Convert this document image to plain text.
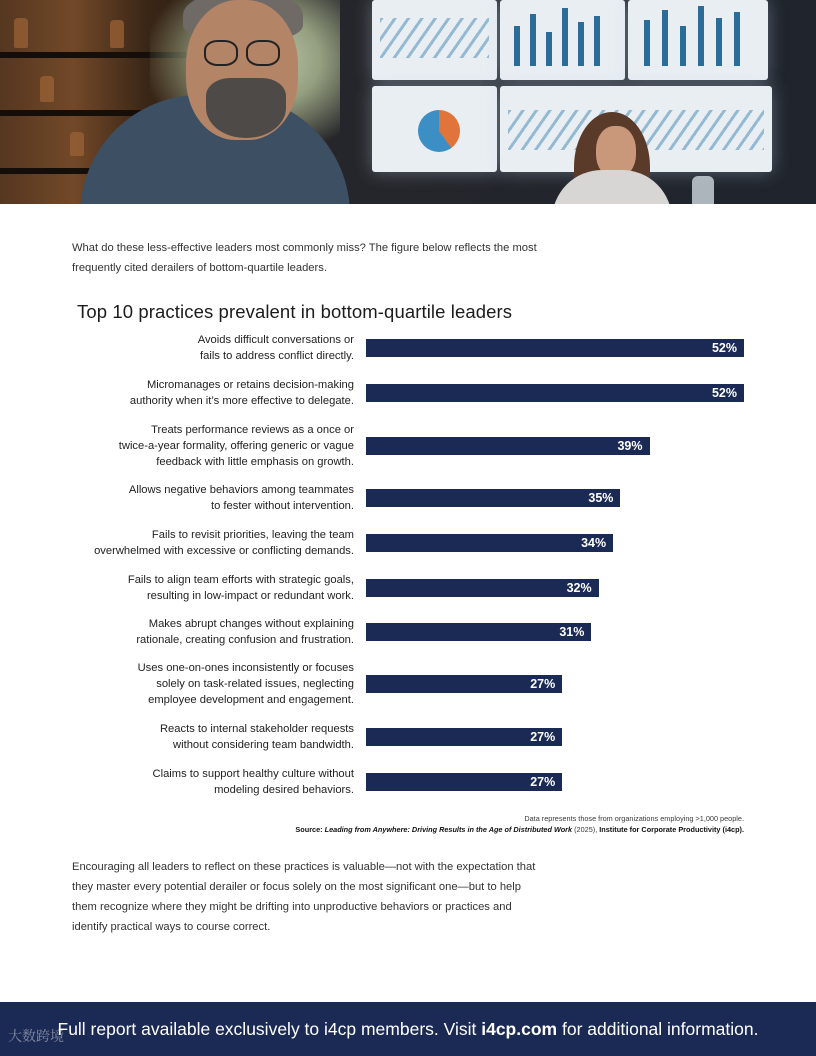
What do these less-effective leaders most commonly miss? The figure below reflects the most frequently cited derailers of bottom-quartile leaders.

Top 10 practices prevalent in bottom-quartile leaders
Avoids difficult conversations or
fails to address conflict directly.
52%
Micromanages or retains decision-making
authority when it’s more effective to delegate.
52%
Treats performance reviews as a once or
twice-a-year formality, offering generic or vague
feedback with little emphasis on growth.
39%
Allows negative behaviors among teammates
to fester without intervention.
35%
Fails to revisit priorities, leaving the team
overwhelmed with excessive or conflicting demands.
34%
Fails to align team efforts with strategic goals,
resulting in low-impact or redundant work.
32%
Makes abrupt changes without explaining
rationale, creating confusion and frustration.
31%
Uses one-on-ones inconsistently or focuses
solely on task-related issues, neglecting
employee development and engagement.
27%
Reacts to internal stakeholder requests
without considering team bandwidth.
27%
Claims to support healthy culture without
modeling desired behaviors.
27%
Data represents those from organizations employing >1,000 people.
Source: Leading from Anywhere: Driving Results in the Age of Distributed Work (2025), Institute for Corporate Productivity (i4cp).

Encouraging all leaders to reflect on these practices is valuable—not with the expectation that they master every potential derailer or focus solely on the most significant one—but to help them recognize where they might be drifting into unproductive behaviors or practices and identify practical ways to course correct.

Full report available exclusively to i4cp members. Visit i4cp.com for additional information.
大数跨境
